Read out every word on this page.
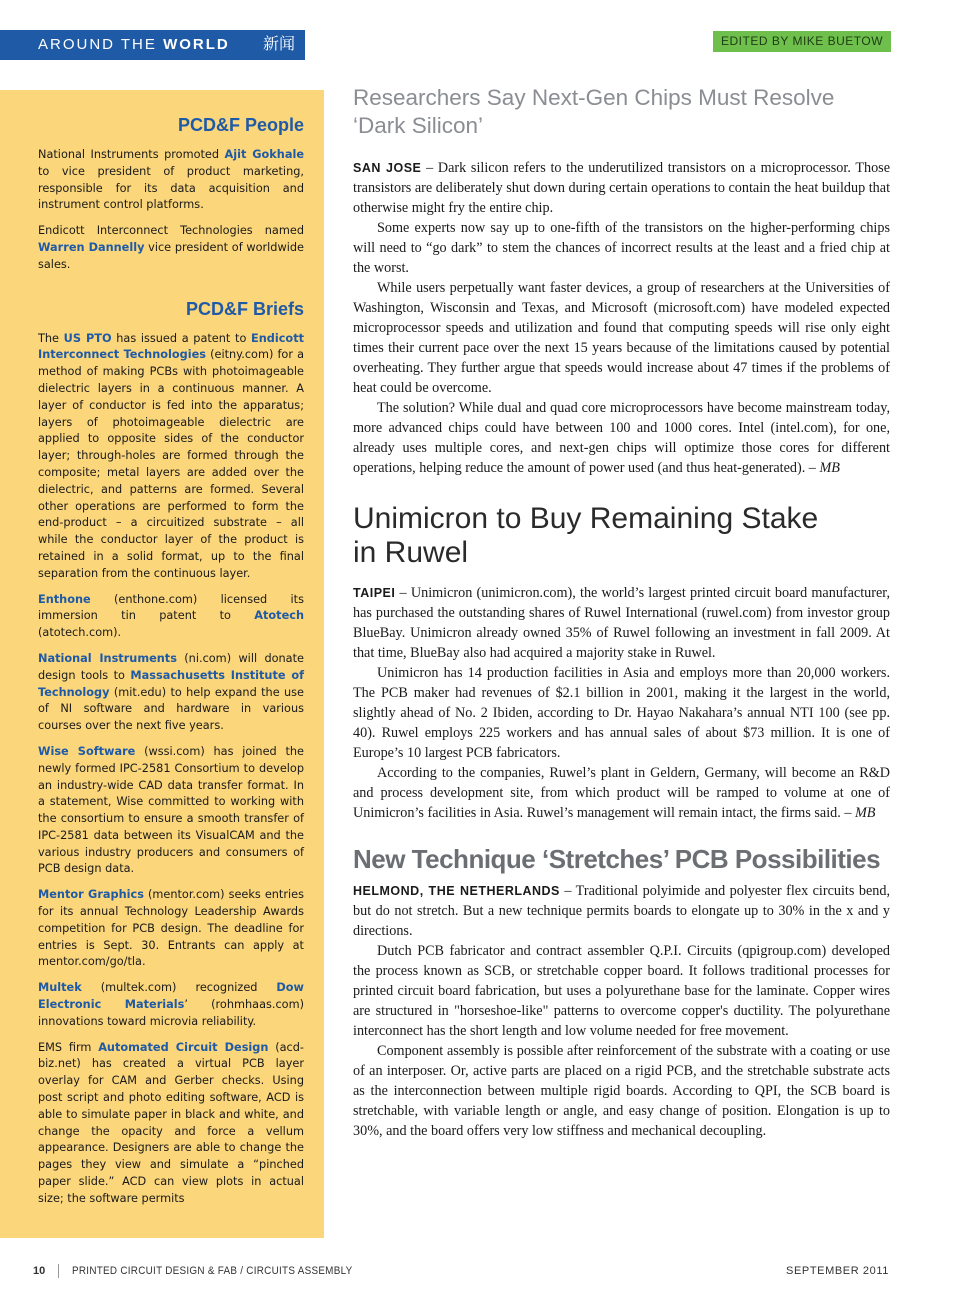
AROUND THE WORLD 新闻	EDITED BY MIKE BUETOW
PCD&F People

National Instruments promoted Ajit Gokhale to vice president of product marketing, responsible for its data acquisition and instrument control platforms.

Endicott Interconnect Technologies named Warren Dannelly vice president of worldwide sales.

PCD&F Briefs

The US PTO has issued a patent to Endicott Interconnect Technologies (eitny.com) for a method of making PCBs with photoimageable dielectric layers in a continuous manner. A layer of conductor is fed into the apparatus; layers of photoimageable dielectric are applied to opposite sides of the conductor layer; through-holes are formed through the composite; metal layers are added over the dielectric, and patterns are formed. Several other operations are performed to form the end-product – a circuitized substrate – all while the conductor layer of the product is retained in a solid format, up to the final separation from the continuous layer.

Enthone (enthone.com) licensed its immersion tin patent to Atotech (atotech.com).

National Instruments (ni.com) will donate design tools to Massachusetts Institute of Technology (mit.edu) to help expand the use of NI software and hardware in various courses over the next five years.

Wise Software (wssi.com) has joined the newly formed IPC-2581 Consortium to develop an industry-wide CAD data transfer format. In a statement, Wise committed to working with the consortium to ensure a smooth transfer of IPC-2581 data between its VisualCAM and the various industry producers and consumers of PCB design data.

Mentor Graphics (mentor.com) seeks entries for its annual Technology Leadership Awards competition for PCB design. The deadline for entries is Sept. 30. Entrants can apply at mentor.com/go/tla.

Multek (multek.com) recognized Dow Electronic Materials’ (rohmhaas.com) innovations toward microvia reliability.

EMS firm Automated Circuit Design (acd-biz.net) has created a virtual PCB layer overlay for CAM and Gerber checks. Using post script and photo editing software, ACD is able to simulate paper in black and white, and change the opacity and force a vellum appearance. Designers are able to change the pages they view and simulate a “pinched paper slide.” ACD can view plots in actual size; the software permits

Researchers Say Next-Gen Chips Must Resolve ‘Dark Silicon’

SAN JOSE – Dark silicon refers to the underutilized transistors on a microprocessor. Those transistors are deliberately shut down during certain operations to contain the heat buildup that otherwise might fry the entire chip.

Some experts now say up to one-fifth of the transistors on the higher-performing chips will need to “go dark” to stem the chances of incorrect results at the least and a fried chip at the worst.

While users perpetually want faster devices, a group of researchers at the Universities of Washington, Wisconsin and Texas, and Microsoft (microsoft.com) have modeled expected microprocessor speeds and utilization and found that computing speeds will rise only eight times their current pace over the next 15 years because of the limitations caused by potential overheating. They further argue that speeds would increase about 47 times if the problems of heat could be overcome.

The solution? While dual and quad core microprocessors have become mainstream today, more advanced chips could have between 100 and 1000 cores. Intel (intel.com), for one, already uses multiple cores, and next-gen chips will optimize those cores for different operations, helping reduce the amount of power used (and thus heat-generated). – MB

Unimicron to Buy Remaining Stake
in Ruwel

TAIPEI – Unimicron (unimicron.com), the world’s largest printed circuit board manufacturer, has purchased the outstanding shares of Ruwel International (ruwel.com) from investor group BlueBay. Unimicron already owned 35% of Ruwel following an investment in fall 2009. At that time, BlueBay also had acquired a majority stake in Ruwel.

Unimicron has 14 production facilities in Asia and employs more than 20,000 workers. The PCB maker had revenues of $2.1 billion in 2001, making it the largest in the world, slightly ahead of No. 2 Ibiden, according to Dr. Hayao Nakahara’s annual NTI 100 (see pp. 40). Ruwel employs 225 workers and has annual sales of about $73 million. It is one of Europe’s 10 largest PCB fabricators.

According to the companies, Ruwel’s plant in Geldern, Germany, will become an R&D and process development site, from which product will be ramped to volume at one of Unimicron’s facilities in Asia. Ruwel’s management will remain intact, the firms said. – MB

New Technique ‘Stretches’ PCB Possibilities

HELMOND, THE NETHERLANDS – Traditional polyimide and polyester flex circuits bend, but do not stretch. But a new technique permits boards to elongate up to 30% in the x and y directions.

Dutch PCB fabricator and contract assembler Q.P.I. Circuits (qpigroup.com) developed the process known as SCB, or stretchable copper board. It follows traditional processes for printed circuit board fabrication, but uses a polyurethane base for the laminate. Copper wires are structured in "horseshoe-like" patterns to overcome copper's ductility. The polyurethane interconnect has the short length and low volume needed for free movement.

Component assembly is possible after reinforcement of the substrate with a coating or use of an interposer. Or, active parts are placed on a rigid PCB, and the stretchable substrate acts as the interconnection between multiple rigid boards. According to QPI, the SCB board is stretchable, with variable length or angle, and easy change of position. Elongation is up to 30%, and the board offers very low stiffness and mechanical decoupling.

10 PRINTED CIRCUIT DESIGN & FAB / CIRCUITS ASSEMBLY	SEPTEMBER 2011
